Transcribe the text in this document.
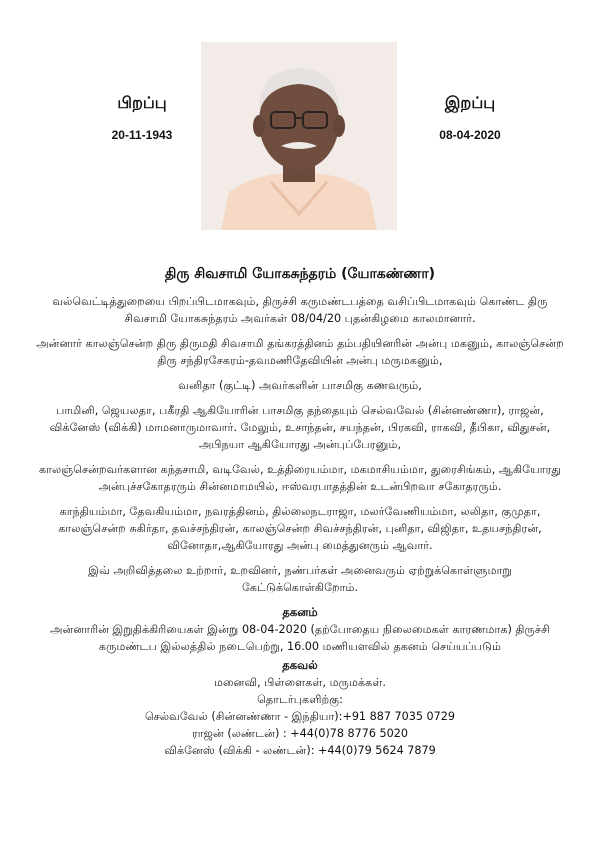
பிறப்பு
20-11-1943
இறப்பு
08-04-2020
திரு சிவசாமி யோகசுந்தரம் (யோகண்ணா)

வல்வெட்டித்துறையை பிறப்பிடமாகவும், திருச்சி கருமண்டபத்தை வசிப்பிடமாகவும் கொண்ட திரு சிவசாமி யோகசுந்தரம் அவர்கள் 08/04/20 புதன்கிழமை காலமானார்.

அன்னார் காலஞ்சென்ற திரு திருமதி சிவசாமி தங்கரத்தினம் தம்பதியினரின் அன்பு மகனும், காலஞ்சென்ற திரு சந்திரசேகரம்-தவமணிதேவியின் அன்பு மருமகனும்,

வனிதா (குட்டி) அவர்களின் பாசமிகு கணவரும்,

பாமினி, ஜெயலதா, பகீரதி ஆகியோரின் பாசமிகு தந்தையும் செல்வவேல் (சின்னண்ணா), ராஜன், விக்னேஸ் (விக்கி) மாமனாருமாவார். மேலும், உசாந்தன், சயந்தன், பிரகவி, ராகவி, தீபிகா, விதுசன், அபிநயா ஆகியோரது அன்புப்பேரனும்,

காலஞ்சென்றவர்களான கந்தசாமி, வடிவேல், உத்திரையம்மா, மகமாசியம்மா, துரைசிங்கம், ஆகியோரது அன்புச்சகோதரரும் சின்னமாமயில், ஈஸ்வரபாதத்தின் உடன்பிறவா சகோதரரும்.

காந்தியம்மா, தேவகியம்மா, நவரத்தினம், தில்லைநடராஜா, மலர்வேணியம்மா, லலிதா, குமுதா, காலஞ்சென்ற சுகிர்தா, தவச்சந்திரன், காலஞ்சென்ற சிவச்சந்திரன், புனிதா, விஜிதா, உதயசந்திரன், வினோதா,ஆகியோரது அன்பு மைத்துனரும் ஆவார்.

இவ் அறிவித்தலை உற்றார், உறவினர், நண்பர்கள் அனைவரும் ஏற்றுக்கொள்ளுமாறு கேட்டுக்கொள்கிறோம்.

தகனம்

அன்னாரின் இறுதிக்கிரியைகள் இன்று 08-04-2020 (தற்போதைய நிலைமைகள் காரணமாக) திருச்சி கருமண்டப இல்லத்தில் நடைபெற்று, 16.00 மணியளவில் தகனம் செய்யப்படும்

தகவல்

மனைவி, பிள்ளைகள், மருமக்கள்.

தொடர்புகளிற்கு:

செல்வவேல் (சின்னண்ணா - இந்தியா):+91 887 7035 0729

ராஜன் (லண்டன்) : +44(0)78 8776 5020

விக்னேஸ் (விக்கி - லண்டன்): +44(0)79 5624 7879
